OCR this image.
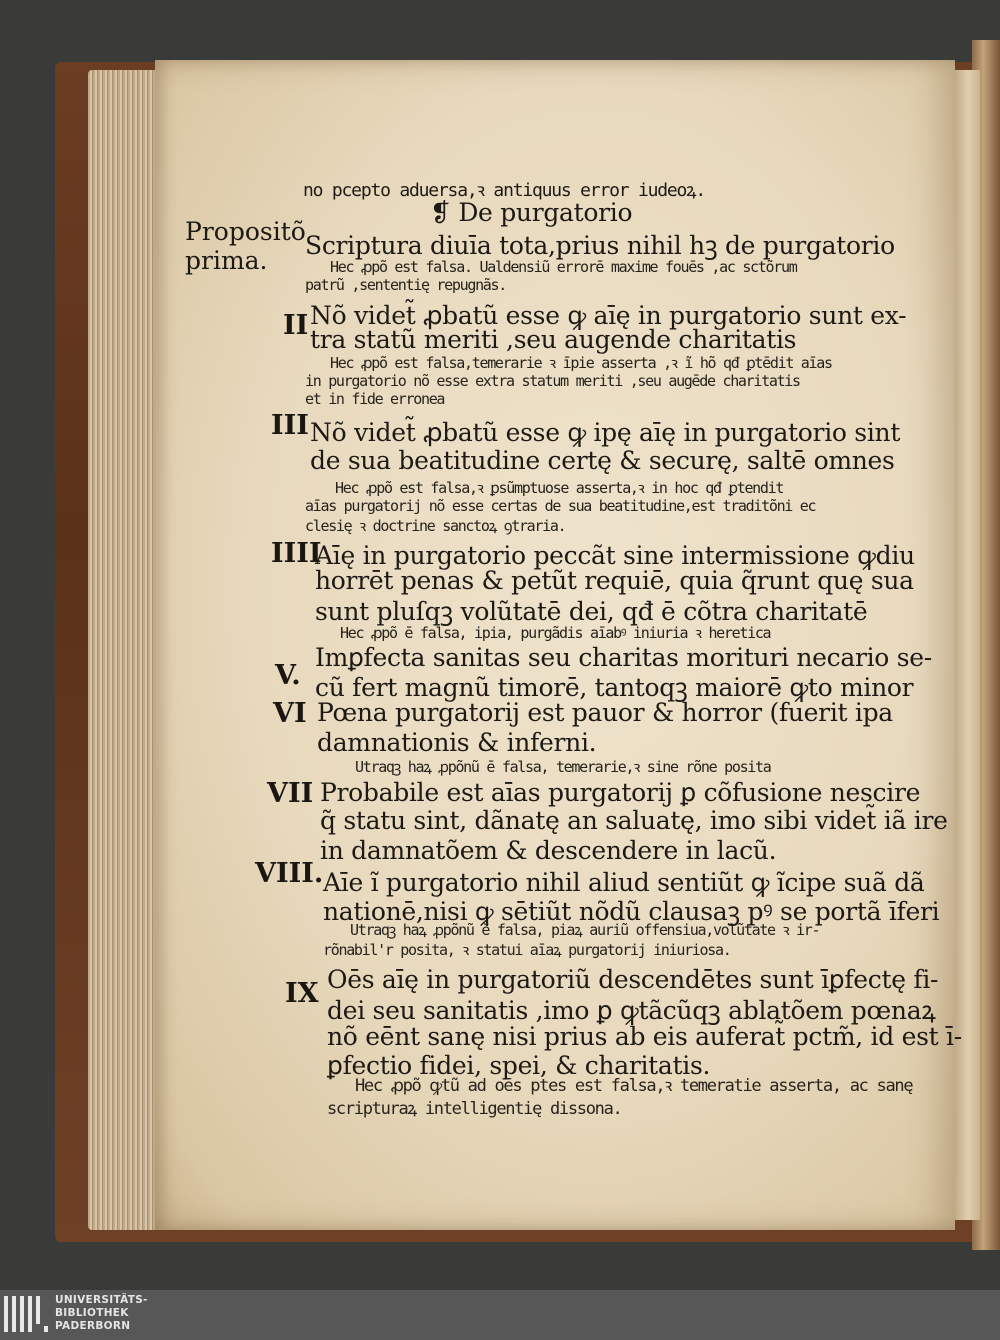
no pcepto aduersa,ꝛ antiquus error iudeoꝝ.
❡ De purgatorio
Propositõ
prima.
Scriptura diuīa tota,prius nihil hꝫ de purgatorio
Hec ꝓpõ est falsa. Ualdensiũ errorē maxime fouēs ,ac sctõrum
patrũ ,sententię repugnãs.
II Nõ videt̃ ꝓbatũ esse ꝙ aīę in purgatorio sunt ex-
tra statũ meriti ,seu augende charitatis
Hec ꝓpõ est falsa,temerarie ꝛ īpie asserta ,ꝛ ĩ hõ qđ ꝑtēdit aīas
in purgatorio nõ esse extra statum meriti ,seu augēde charitatis
et in fide erronea
III Nõ videt̃ ꝓbatũ esse ꝙ ipę aīę in purgatorio sint
de sua beatitudine certę & securę, saltē omnes
Hec ꝓpõ est falsa,ꝛ ꝑsũmptuose asserta,ꝛ in hoc qđ ꝑtendit
aīas purgatorij nõ esse certas de sua beatitudine,est traditõni ec
clesię ꝛ doctrine sanctoꝝ ꝯtraria.
IIII
Aīę in purgatorio peccãt sine intermissione ꝙdiu
horrēt penas & petũt requiē, quia q̃runt quę sua
sunt pluſqꝫ volũtatē dei, qđ ē cõtra charitatē
Hec ꝓpõ ē falsa, ipia, purgãdis aīabꝰ iniuria ꝛ heretica
V.
Imꝑfecta sanitas seu charitas morituri necario se-
cũ fert magnũ timorē, tantoqꝫ maiorē ꝙto minor
VI Pœna purgatorij est pauor & horror (fuerit ipa
damnationis & inferni.
Utraqꝫ haꝝ ꝓpõnũ ē falsa, temerarie,ꝛ sine rõne posita
VII Probabile est aīas purgatorij ꝑ cõfusione nescire
q̃ statu sint, dãnatę an saluatę, imo sibi videt̃ iã ire
in damnatõem & descendere in lacũ.
VIII. Aīe ĩ purgatorio nihil aliud sentiũt ꝙ ĩcipe suã dã
nationē,nisi ꝙ sētiũt nõdũ clausaꝫ pꝰ se portã īferi
Utraqꝫ haꝝ ꝓpõnũ ē falsa, piaꝝ auriũ offensiua,volũtate ꝛ ir-
rõnabil'r posita, ꝛ statui aīaꝝ purgatorij iniuriosa.
IX Oēs aīę in purgatoriũ descendētes sunt īꝑfectę fi-
dei seu sanitatis ,imo ꝑ ꝙtãcũqꝫ ablatõem pœnaꝝ
nõ eēnt sanę nisi prius ab eis auferat̃ pctm̃, id est ī-
ꝑfectio fidei, spei, & charitatis.
Hec ꝓpõ ꝙtũ ad oēs ptes est falsa,ꝛ temeratie asserta, ac sanę
scripturaꝝ intelligentię dissona.
UNIVERSITÄTS-
BIBLIOTHEK
PADERBORN
